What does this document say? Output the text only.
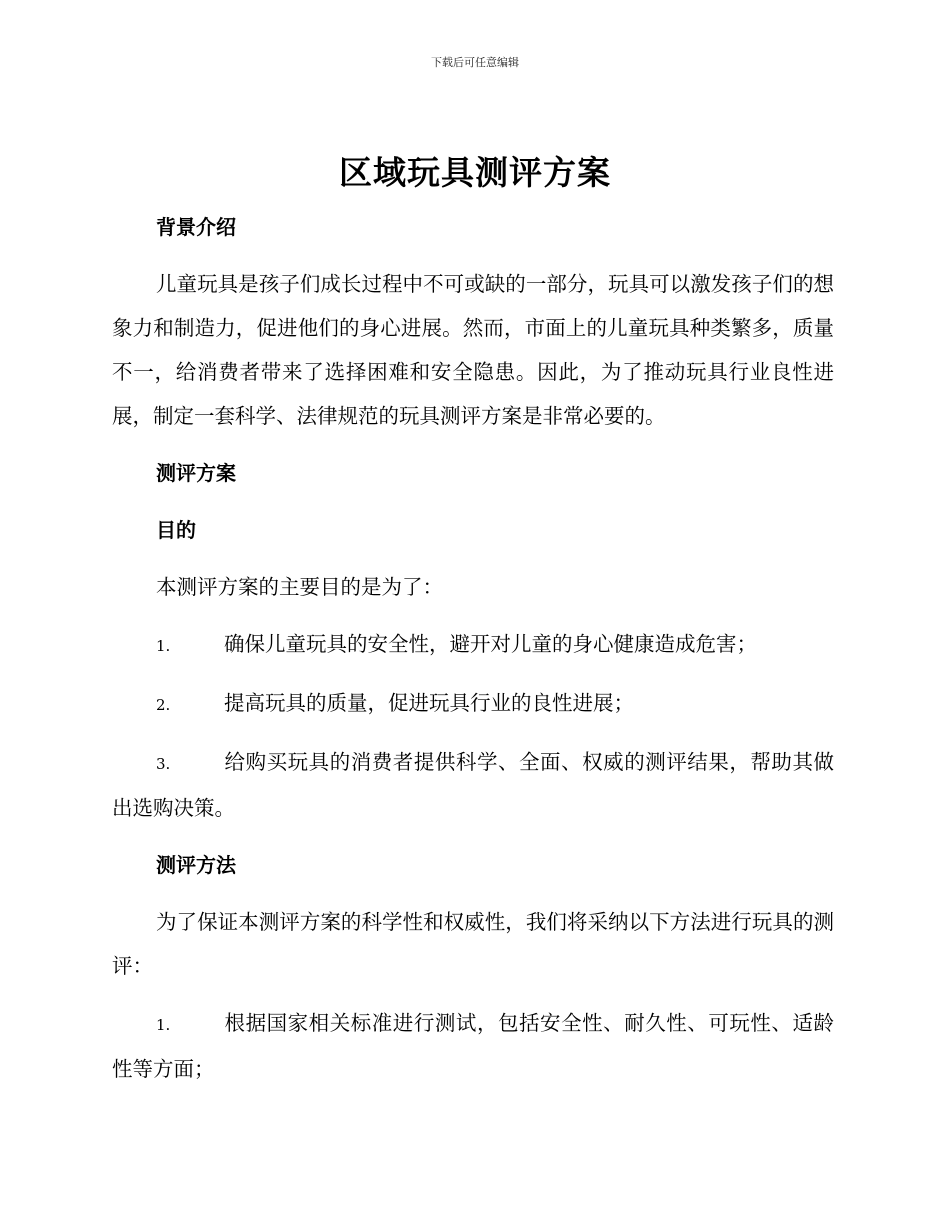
下载后可任意编辑
区域玩具测评方案

背景介绍

儿童玩具是孩子们成长过程中不可或缺的一部分，玩具可以激发孩子们的想象力和制造力，促进他们的身心进展。然而，市面上的儿童玩具种类繁多，质量不一，给消费者带来了选择困难和安全隐患。因此，为了推动玩具行业良性进展，制定一套科学、法律规范的玩具测评方案是非常必要的。

测评方案

目的

本测评方案的主要目的是为了：

1.	确保儿童玩具的安全性，避开对儿童的身心健康造成危害；

2.	提高玩具的质量，促进玩具行业的良性进展；

3.	给购买玩具的消费者提供科学、全面、权威的测评结果，帮助其做出选购决策。

测评方法

为了保证本测评方案的科学性和权威性，我们将采纳以下方法进行玩具的测评：

1.	根据国家相关标准进行测试，包括安全性、耐久性、可玩性、适龄性等方面；
